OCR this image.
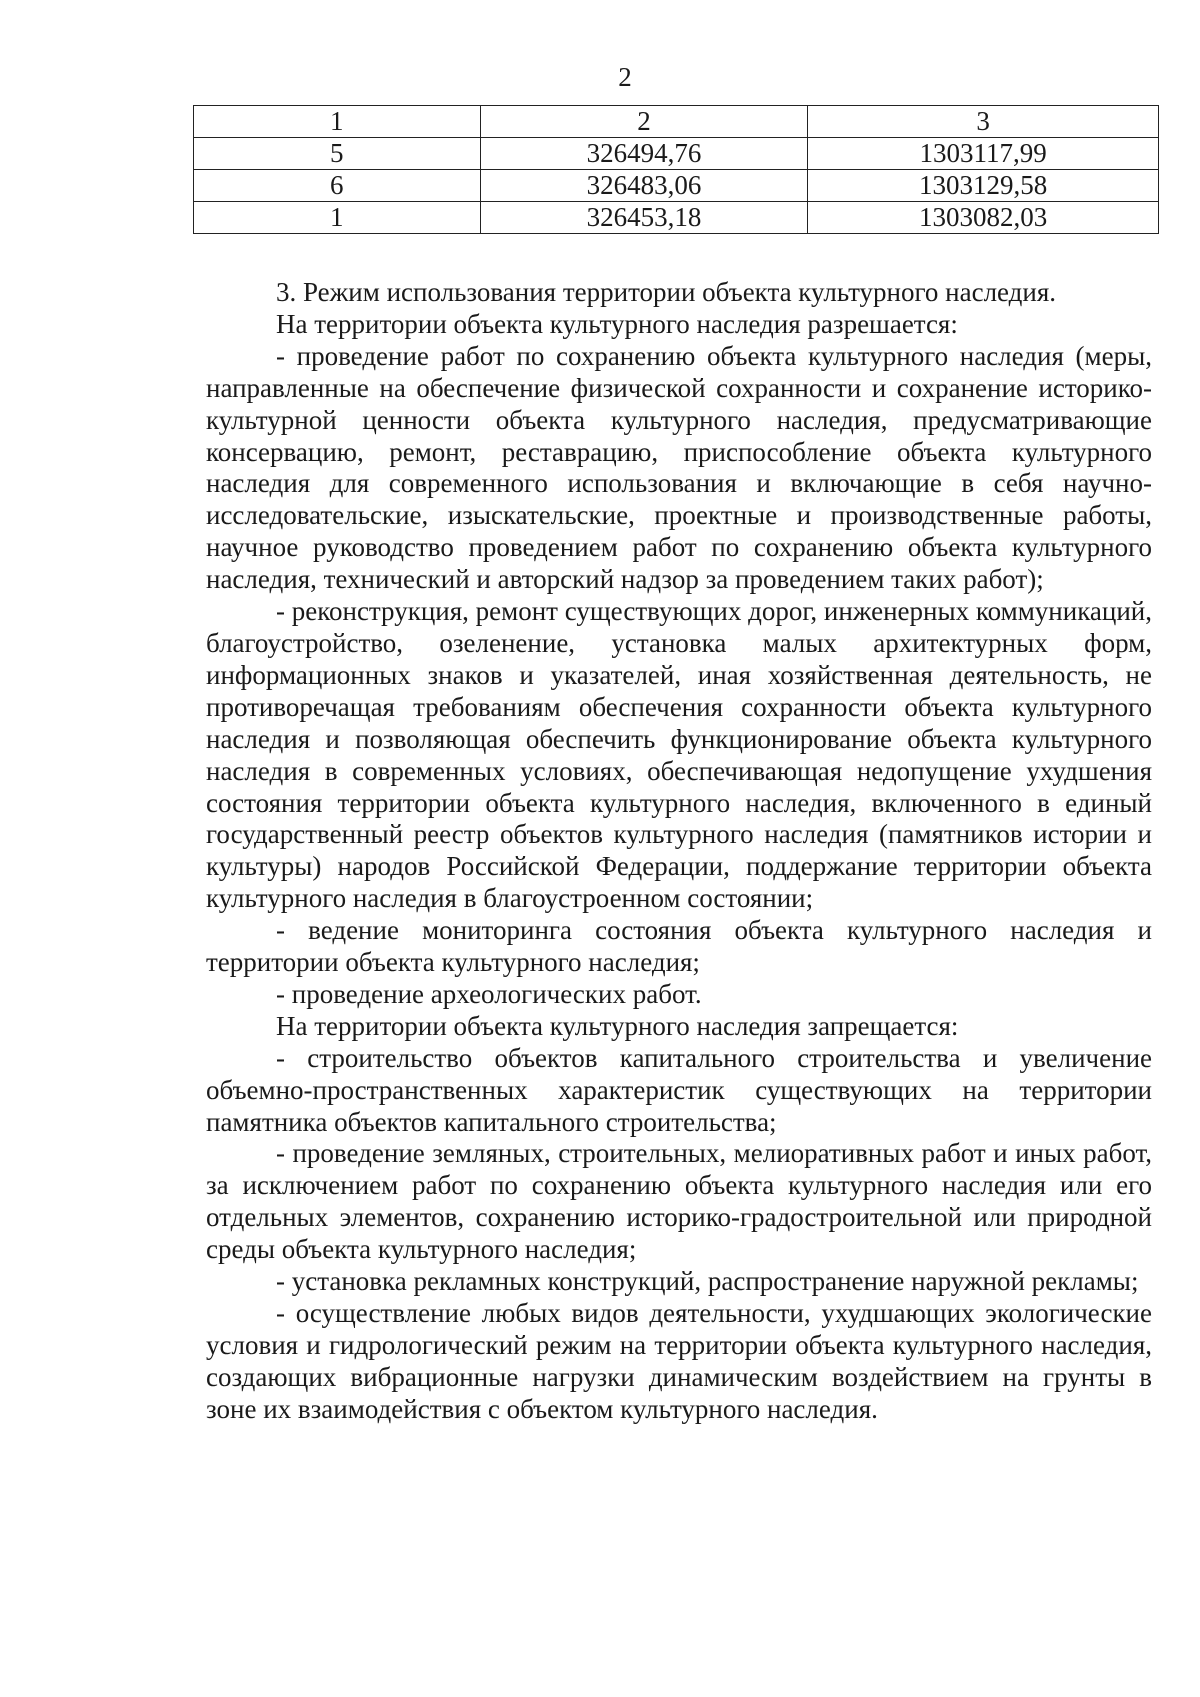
2
1	2	3
5	326494,76	1303117,99
6	326483,06	1303129,58
1	326453,18	1303082,03

3. Режим использования территории объекта культурного наследия.

На территории объекта культурного наследия разрешается:

- проведение работ по сохранению объекта культурного наследия (меры, направленные на обеспечение физической сохранности и сохранение историко-культурной ценности объекта культурного наследия, предусматривающие консервацию, ремонт, реставрацию, приспособление объекта культурного наследия для современного использования и включающие в себя научно-исследовательские, изыскательские, проектные и производственные работы, научное руководство проведением работ по сохранению объекта культурного наследия, технический и авторский надзор за проведением таких работ);

- реконструкция, ремонт существующих дорог, инженерных коммуникаций, благоустройство, озеленение, установка малых архитектурных форм, информационных знаков и указателей, иная хозяйственная деятельность, не противоречащая требованиям обеспечения сохранности объекта культурного наследия и позволяющая обеспечить функционирование объекта культурного наследия в современных условиях, обеспечивающая недопущение ухудшения состояния территории объекта культурного наследия, включенного в единый государственный реестр объектов культурного наследия (памятников истории и культуры) народов Российской Федерации, поддержание территории объекта культурного наследия в благоустроенном состоянии;

- ведение мониторинга состояния объекта культурного наследия и территории объекта культурного наследия;

- проведение археологических работ.

На территории объекта культурного наследия запрещается:

- строительство объектов капитального строительства и увеличение объемно-пространственных характеристик существующих на территории памятника объектов капитального строительства;

- проведение земляных, строительных, мелиоративных работ и иных работ, за исключением работ по сохранению объекта культурного наследия или его отдельных элементов, сохранению историко-градостроительной или природной среды объекта культурного наследия;

- установка рекламных конструкций, распространение наружной рекламы;

- осуществление любых видов деятельности, ухудшающих экологические условия и гидрологический режим на территории объекта культурного наследия, создающих вибрационные нагрузки динамическим воздействием на грунты в зоне их взаимодействия с объектом культурного наследия.
